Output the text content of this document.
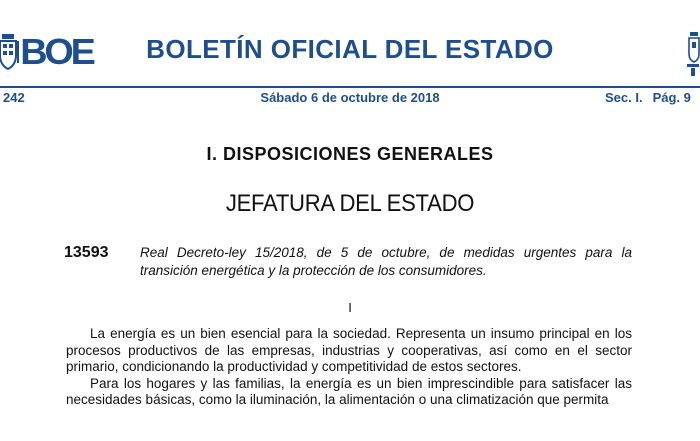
BOE	BOLETÍN OFICIAL DEL ESTADO
242	Sábado 6 de octubre de 2018	Sec. I. Pág. 9
I. DISPOSICIONES GENERALES
JEFATURA DEL ESTADO
13593 Real Decreto-ley 15/2018, de 5 de octubre, de medidas urgentes para la transición energética y la protección de los consumidores.
I

La energía es un bien esencial para la sociedad. Representa un insumo principal en los procesos productivos de las empresas, industrias y cooperativas, así como en el sector primario, condicionando la productividad y competitividad de estos sectores.

Para los hogares y las familias, la energía es un bien imprescindible para satisfacer las necesidades básicas, como la iluminación, la alimentación o una climatización que permita
